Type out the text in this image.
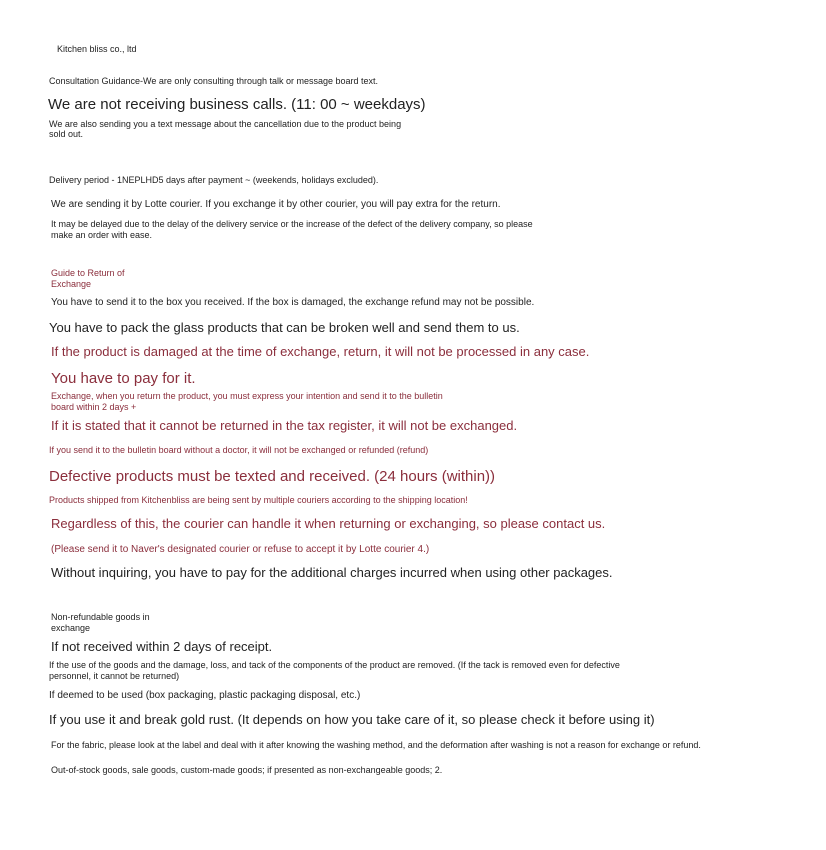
Kitchen bliss co., ltd
Consultation Guidance-We are only consulting through talk or message board text.
We are not receiving business calls. (11: 00 ~ weekdays)
We are also sending you a text message about the cancellation due to the product being
sold out.
Delivery period - 1NEPLHD5 days after payment ~ (weekends, holidays excluded).
We are sending it by Lotte courier. If you exchange it by other courier, you will pay extra for the return.
It may be delayed due to the delay of the delivery service or the increase of the defect of the delivery company, so please
make an order with ease.
Guide to Return of
Exchange
You have to send it to the box you received. If the box is damaged, the exchange refund may not be possible.
You have to pack the glass products that can be broken well and send them to us.
If the product is damaged at the time of exchange, return, it will not be processed in any case.
You have to pay for it.
Exchange, when you return the product, you must express your intention and send it to the bulletin
board within 2 days +
If it is stated that it cannot be returned in the tax register, it will not be exchanged.
If you send it to the bulletin board without a doctor, it will not be exchanged or refunded (refund)
Defective products must be texted and received. (24 hours (within))
Products shipped from Kitchenbliss are being sent by multiple couriers according to the shipping location!
Regardless of this, the courier can handle it when returning or exchanging, so please contact us.
(Please send it to Naver's designated courier or refuse to accept it by Lotte courier 4.)
Without inquiring, you have to pay for the additional charges incurred when using other packages.
Non-refundable goods in
exchange
If not received within 2 days of receipt.
If the use of the goods and the damage, loss, and tack of the components of the product are removed. (If the tack is removed even for defective
personnel, it cannot be returned)
If deemed to be used (box packaging, plastic packaging disposal, etc.)
If you use it and break gold rust. (It depends on how you take care of it, so please check it before using it)
For the fabric, please look at the label and deal with it after knowing the washing method, and the deformation after washing is not a reason for exchange or refund.
Out-of-stock goods, sale goods, custom-made goods; if presented as non-exchangeable goods; 2.
